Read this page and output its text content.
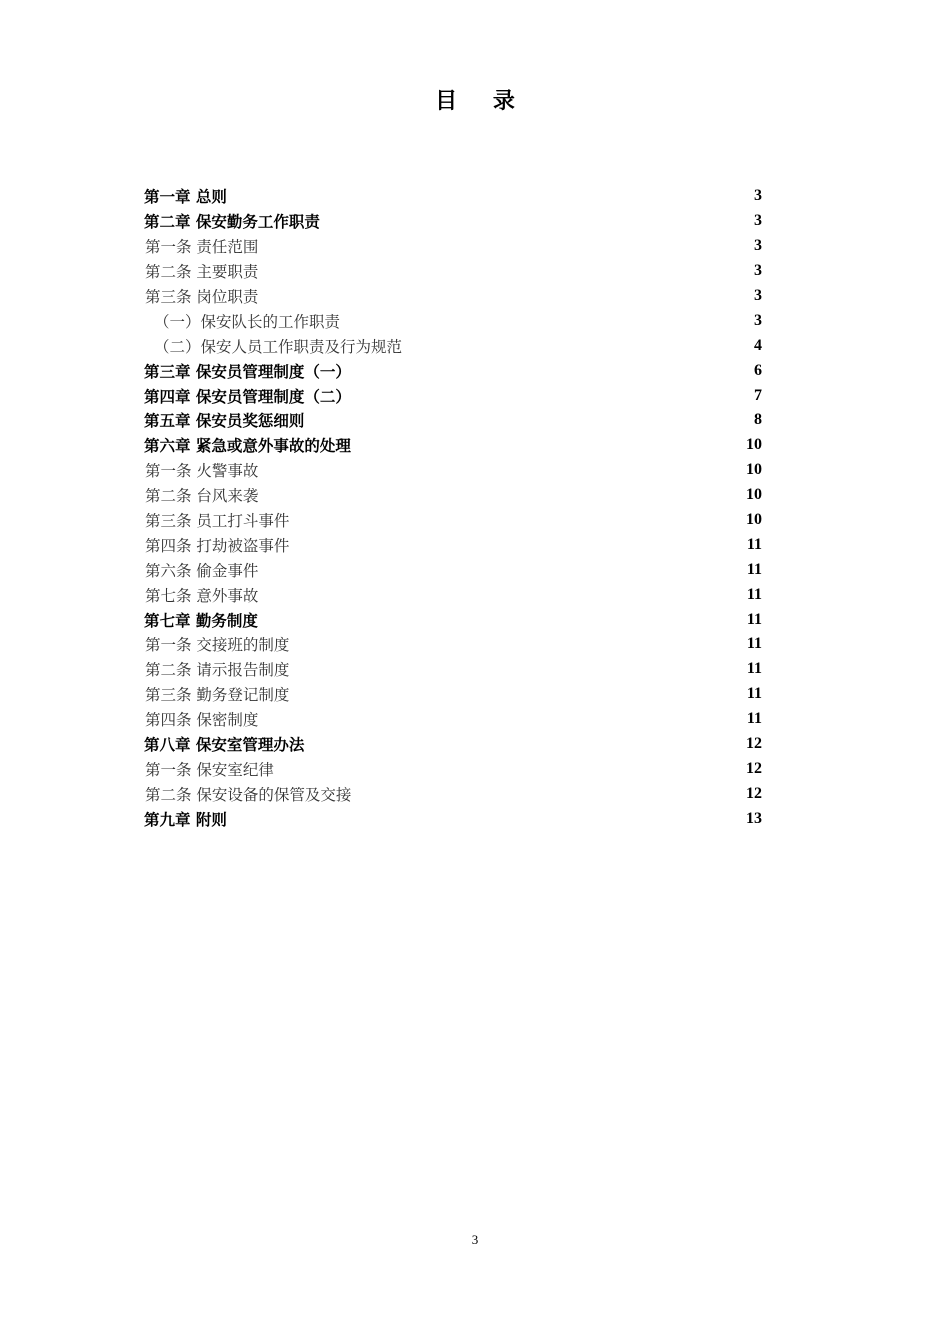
目 录
第一章 总则	3
第二章 保安勤务工作职责	3
第一条 责任范围	3
第二条 主要职责	3
第三条 岗位职责	3
（一）保安队长的工作职责	3
（二）保安人员工作职责及行为规范	4
第三章 保安员管理制度（一）	6
第四章 保安员管理制度（二）	7
第五章 保安员奖惩细则	8
第六章 紧急或意外事故的处理	10
第一条 火警事故	10
第二条 台风来袭	10
第三条 员工打斗事件	10
第四条 打劫被盗事件	11
第六条 偷金事件	11
第七条 意外事故	11
第七章 勤务制度	11
第一条 交接班的制度	11
第二条 请示报告制度	11
第三条 勤务登记制度	11
第四条 保密制度	11
第八章 保安室管理办法	12
第一条 保安室纪律	12
第二条 保安设备的保管及交接	12
第九章 附则	13
3
